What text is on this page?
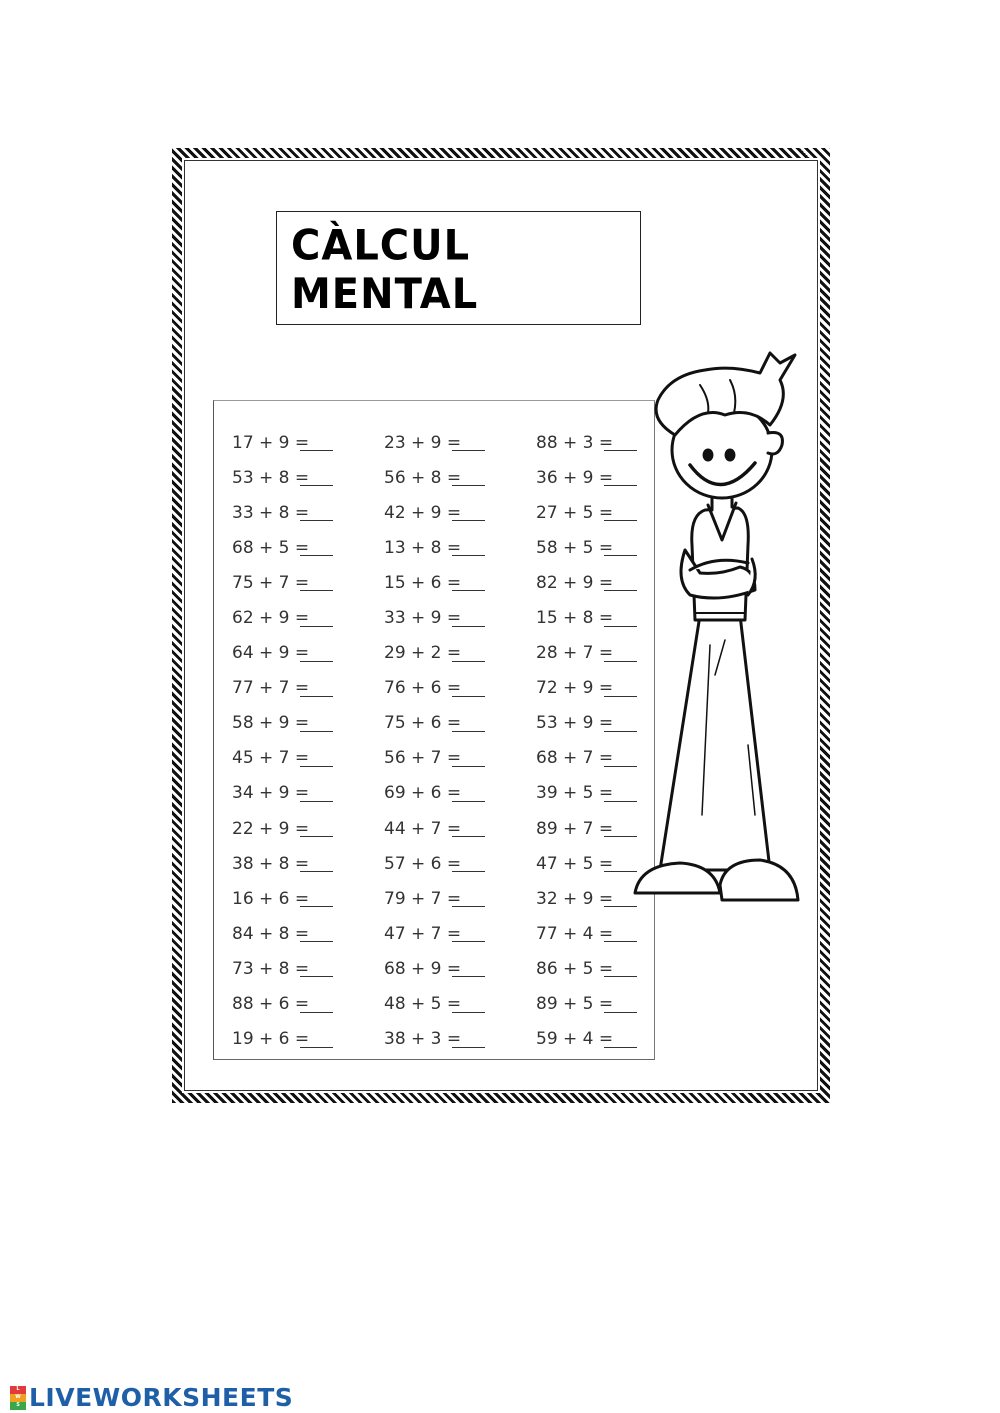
CÀLCUL MENTAL
17 + 9 =
53 + 8 =
33 + 8 =
68 + 5 =
75 + 7 =
62 + 9 =
64 + 9 =
77 + 7 =
58 + 9 =
45 + 7 =
34 + 9 =
22 + 9 =
38 + 8 =
16 + 6 =
84 + 8 =
73 + 8 =
88 + 6 =
19 + 6 =
23 + 9 =
56 + 8 =
42 + 9 =
13 + 8 =
15 + 6 =
33 + 9 =
29 + 2 =
76 + 6 =
75 + 6 =
56 + 7 =
69 + 6 =
44 + 7 =
57 + 6 =
79 + 7 =
47 + 7 =
68 + 9 =
48 + 5 =
38 + 3 =
88 + 3 =
36 + 9 =
27 + 5 =
58 + 5 =
82 + 9 =
15 + 8 =
28 + 7 =
72 + 9 =
53 + 9 =
68 + 7 =
39 + 5 =
89 + 7 =
47 + 5 =
32 + 9 =
77 + 4 =
86 + 5 =
89 + 5 =
59 + 4 =
L
W
S LIVEWORKSHEETS
